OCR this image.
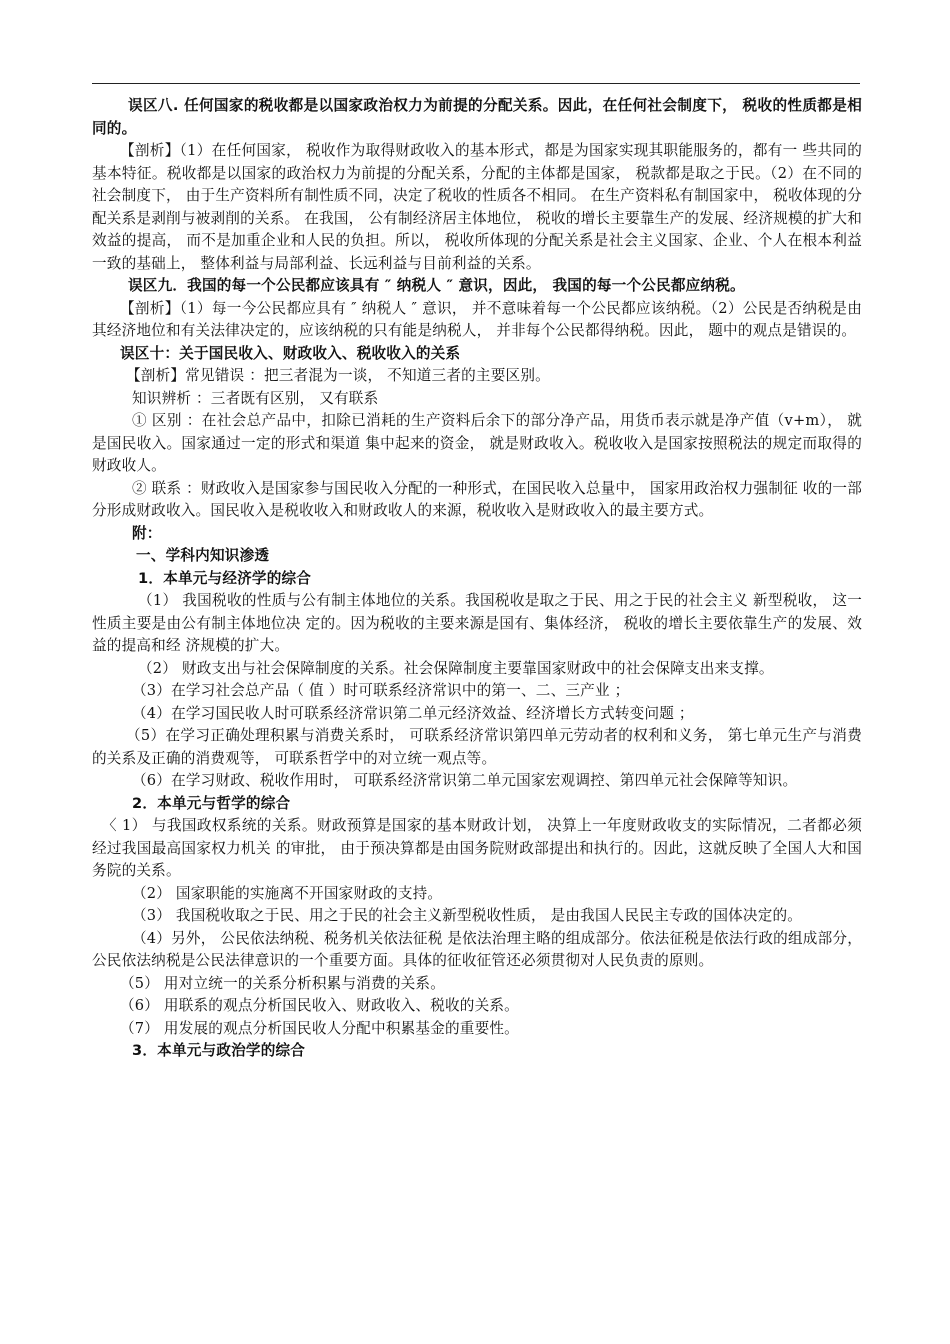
误区八. 任何国家的税收都是以国家政治权力为前提的分配关系。因此，在任何社会制度下， 税收的性质都是相同的。

【剖析】（1）在任何国家， 税收作为取得财政收入的基本形式，都是为国家实现其职能服务的，都有一 些共同的基本特征。税收都是以国家的政治权力为前提的分配关系，分配的主体都是国家， 税款都是取之于民。（2）在不同的社会制度下， 由于生产资料所有制性质不同，决定了税收的性质各不相同。 在生产资料私有制国家中， 税收体现的分配关系是剥削与被剥削的关系。 在我国， 公有制经济居主体地位， 税收的增长主要靠生产的发展、经济规模的扩大和效益的提高， 而不是加重企业和人民的负担。所以， 税收所体现的分配关系是社会主义国家、企业、个人在根本利益一致的基础上， 整体利益与局部利益、长远利益与目前利益的关系。

误区九．我国的每一个公民都应该具有 ″ 纳税人 ″ 意识，因此， 我国的每一个公民都应纳税。

【剖析】（1）每一今公民都应具有 ″ 纳税人 ″ 意识， 并不意味着每一个公民都应该纳税。（2）公民是否纳税是由其经济地位和有关法律决定的，应该纳税的只有能是纳税人， 并非每个公民都得纳税。因此， 题中的观点是错误的。

误区十：关于国民收入、财政收入、税收收入的关系

【剖析】常见错误 ：把三者混为一谈， 不知道三者的主要区别。

知识辨析 ：三者既有区别， 又有联系

① 区别 ：在社会总产品中，扣除已消耗的生产资料后余下的部分净产品，用货币表示就是净产值（v+m）， 就是国民收入。国家通过一定的形式和渠道 集中起来的资金， 就是财政收入。税收收入是国家按照税法的规定而取得的财政收人。

② 联系 ：财政收入是国家参与国民收入分配的一种形式，在国民收入总量中， 国家用政治权力强制征 收的一部分形成财政收入。国民收入是税收收入和财政收人的来源，税收收入是财政收入的最主要方式。

附：

一、学科内知识渗透

1．本单元与经济学的综合

（1） 我国税收的性质与公有制主体地位的关系。我国税收是取之于民、用之于民的社会主义 新型税收， 这一性质主要是由公有制主体地位决 定的。因为税收的主要来源是国有、集体经济， 税收的增长主要依靠生产的发展、效益的提高和经 济规模的扩大。

（2） 财政支出与社会保障制度的关系。社会保障制度主要靠国家财政中的社会保障支出来支撑。

（3）在学习社会总产品（ 值 ）时可联系经济常识中的第一、二、三产业 ；

（4）在学习国民收人时可联系经济常识第二单元经济效益、经济增长方式转变问题 ；

（5）在学习正确处理积累与消费关系时， 可联系经济常识第四单元劳动者的权利和义务， 第七单元生产与消费的关系及正确的消费观等， 可联系哲学中的对立统一观点等。

（6）在学习财政、税收作用时， 可联系经济常识第二单元国家宏观调控、第四单元社会保障等知识。

2．本单元与哲学的综合

〈 1） 与我国政权系统的关系。财政预算是国家的基本财政计划， 决算上一年度财政收支的实际情况，二者都必须经过我国最高国家权力机关 的审批， 由于预决算都是由国务院财政部提出和执行的。因此，这就反映了全国人大和国务院的关系。

（2） 国家职能的实施离不开国家财政的支持。

（3） 我国税收取之于民、用之于民的社会主义新型税收性质， 是由我国人民民主专政的国体决定的。

（4）另外， 公民依法纳税、税务机关依法征税 是依法治理主略的组成部分。依法征税是依法行政的组成部分， 公民依法纳税是公民法律意识的一个重要方面。具体的征收征管还必须贯彻对人民负责的原则。

（5） 用对立统一的关系分析积累与消费的关系。

（6） 用联系的观点分析国民收入、财政收入、税收的关系。

（7） 用发展的观点分析国民收人分配中积累基金的重要性。

3．本单元与政治学的综合
